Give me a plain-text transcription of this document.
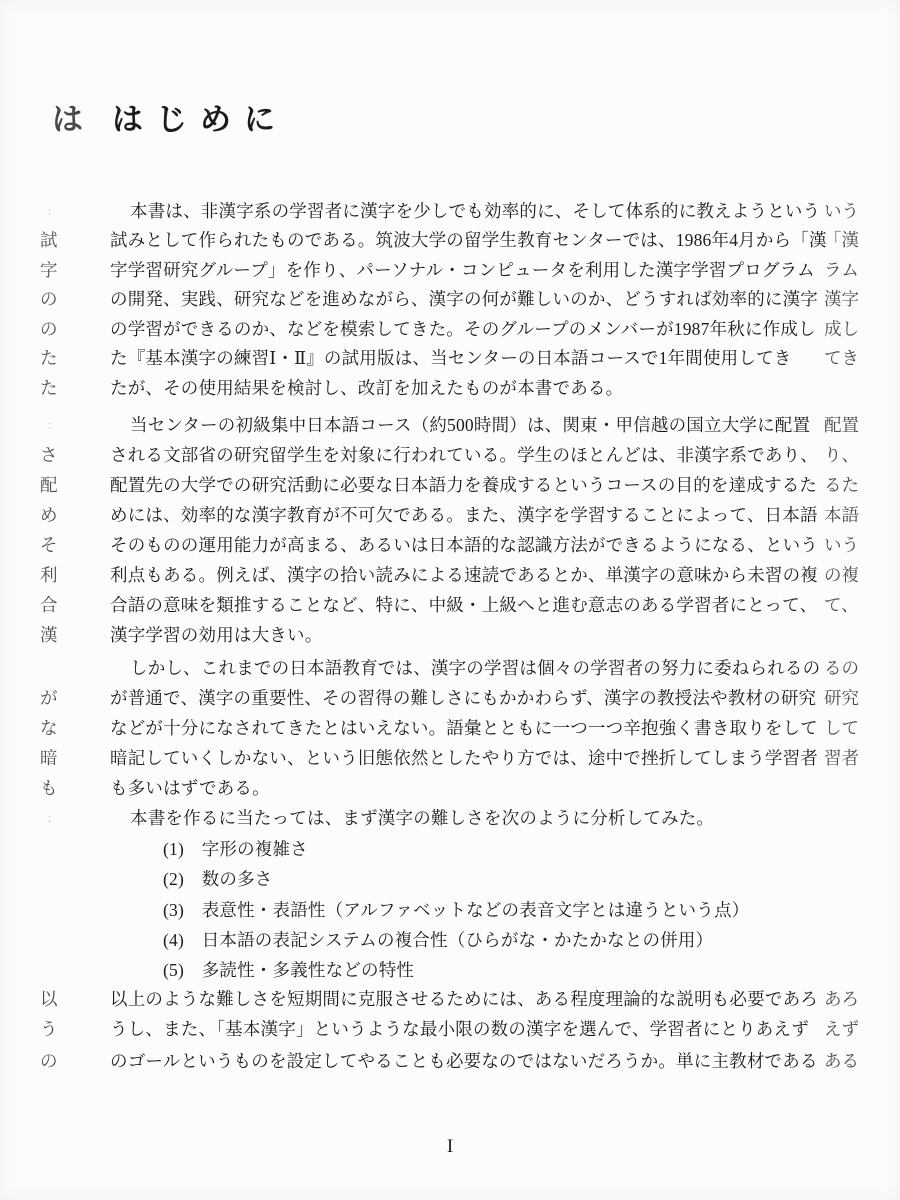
は はじめに
：	本書は、非漢字系の学習者に漢字を少しでも効率的に、そして体系的に教えようという いう
試	試みとして作られたものである。筑波大学の留学生教育センターでは、1986年4月から「漢
「漢
字	字学習研究グループ」を作り、パーソナル・コンピュータを利用した漢字学習プログラム ラム
の	の開発、実践、研究などを進めながら、漢字の何が難しいのか、どうすれば効率的に漢字 漢字
の	の学習ができるのか、などを模索してきた。そのグループのメンバーが1987年秋に作成し 成し
た	た『基本漢字の練習Ⅰ・Ⅱ』の試用版は、当センターの日本語コースで1年間使用してき てき
た	たが、その使用結果を検討し、改訂を加えたものが本書である。
：	当センターの初級集中日本語コース（約500時間）は、関東・甲信越の国立大学に配置 配置
さ	される文部省の研究留学生を対象に行われている。学生のほとんどは、非漢字系であり、 り、
配	配置先の大学での研究活動に必要な日本語力を養成するというコースの目的を達成するた るた
め	めには、効率的な漢字教育が不可欠である。また、漢字を学習することによって、日本語 本語
そ	そのものの運用能力が高まる、あるいは日本語的な認識方法ができるようになる、という いう
利	利点もある。例えば、漢字の拾い読みによる速読であるとか、単漢字の意味から未習の複 の複
合	合語の意味を類推することなど、特に、中級・上級へと進む意志のある学習者にとって、 て、
漢	漢字学習の効用は大きい。
しかし、これまでの日本語教育では、漢字の学習は個々の学習者の努力に委ねられるの るの
が	が普通で、漢字の重要性、その習得の難しさにもかかわらず、漢字の教授法や教材の研究 研究
な	などが十分になされてきたとはいえない。語彙とともに一つ一つ辛抱強く書き取りをして して
暗	暗記していくしかない、という旧態依然としたやり方では、途中で挫折してしまう学習者 習者
も	も多いはずである。
：	本書を作るに当たっては、まず漢字の難しさを次のように分析してみた。
(1)　字形の複雑さ
(2)　数の多さ
(3)　表意性・表語性（アルファベットなどの表音文字とは違うという点）
(4)　日本語の表記システムの複合性（ひらがな・かたかなとの併用）
(5)　多読性・多義性などの特性
以	以上のような難しさを短期間に克服させるためには、ある程度理論的な説明も必要であろ あろ
う	うし、また、「基本漢字」というような最小限の数の漢字を選んで、学習者にとりあえず えず
の	のゴールというものを設定してやることも必要なのではないだろうか。単に主教材である ある
I
